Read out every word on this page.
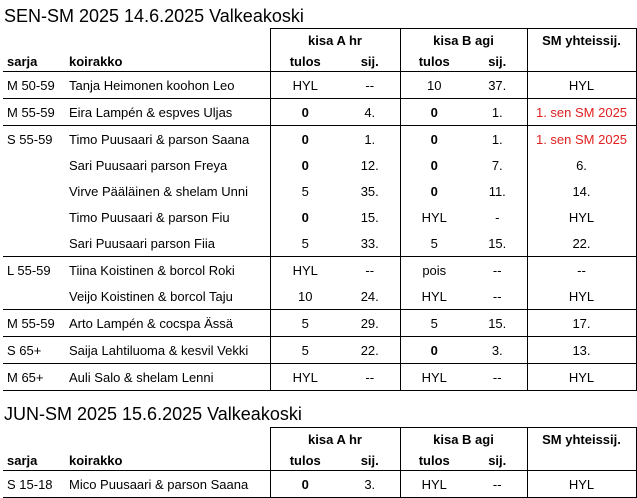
SEN-SM 2025 14.6.2025 Valkeakoski
		kisa A hr		kisa B agi		SM yhteissij.
sarja	koirakko	tulos	sij.	tulos	sij.	
M 50-59	Tanja Heimonen koohon Leo	HYL	--	10	37.	HYL
M 55-59	Eira Lampén & espves Uljas	0	4.	0	1.	1. sen SM 2025
S 55-59	Timo Puusaari & parson Saana	0	1.	0	1.	1. sen SM 2025
	Sari Puusaari parson Freya	0	12.	0	7.	6.
	Virve Pääläinen & shelam Unni	5	35.	0	11.	14.
	Timo Puusaari & parson Fiu	0	15.	HYL	-	HYL
	Sari Puusaari parson Fiia	5	33.	5	15.	22.
L 55-59	Tiina Koistinen & borcol Roki	HYL	--	pois	--	--
	Veijo Koistinen & borcol Taju	10	24.	HYL	--	HYL
M 55-59	Arto Lampén & cocspa Ässä	5	29.	5	15.	17.
S 65+	Saija Lahtiluoma & kesvil Vekki	5	22.	0	3.	13.
M 65+	Auli Salo & shelam Lenni	HYL	--	HYL	--	HYL
JUN-SM 2025 15.6.2025 Valkeakoski
		kisa A hr		kisa B agi		SM yhteissij.
sarja	koirakko	tulos	sij.	tulos	sij.	
S 15-18	Mico Puusaari & parson Saana	0	3.	HYL	--	HYL
